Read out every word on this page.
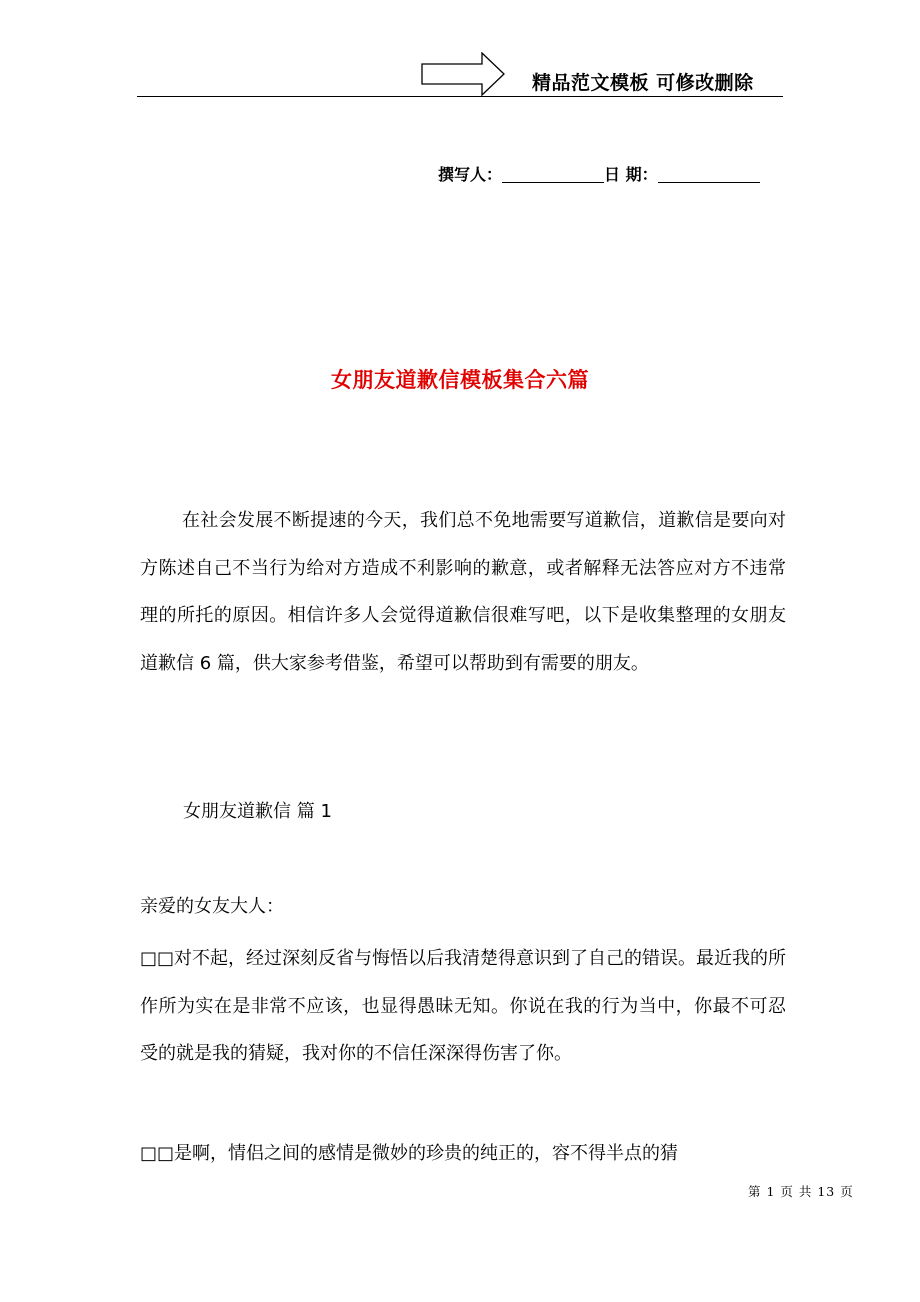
精品范文模板 可修改删除
撰写人：	日 期：
女朋友道歉信模板集合六篇

在社会发展不断提速的今天，我们总不免地需要写道歉信，道歉信是要向对方陈述自己不当行为给对方造成不利影响的歉意，或者解释无法答应对方不违常理的所托的原因。相信许多人会觉得道歉信很难写吧，以下是收集整理的女朋友道歉信 6 篇，供大家参考借鉴，希望可以帮助到有需要的朋友。

女朋友道歉信 篇 1
亲爱的女友大人：

□□对不起，经过深刻反省与悔悟以后我清楚得意识到了自己的错误。最近我的所作所为实在是非常不应该，也显得愚昧无知。你说在我的行为当中，你最不可忍受的就是我的猜疑，我对你的不信任深深得伤害了你。

□□是啊，情侣之间的感情是微妙的珍贵的纯正的，容不得半点的猜

第 1 页 共 13 页
